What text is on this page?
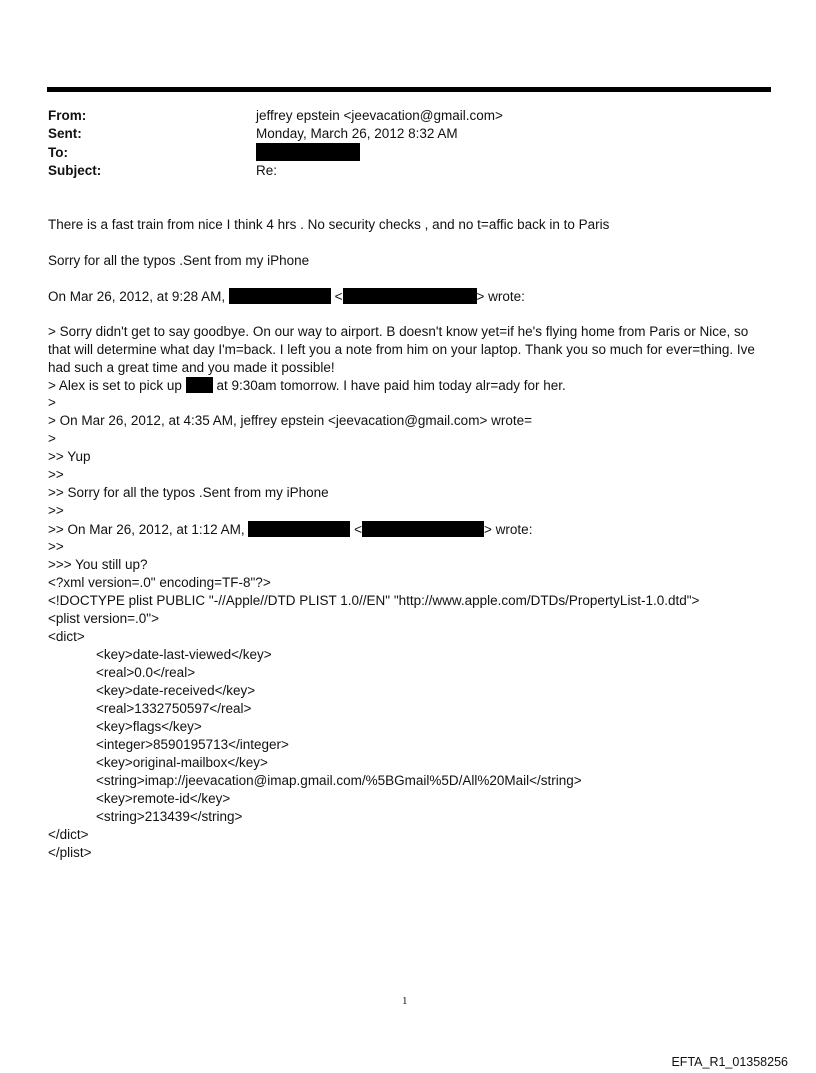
From:	jeffrey epstein <jeevacation@gmail.com>
Sent:	Monday, March 26, 2012 8:32 AM
To:
Subject:	Re:
There is a fast train from nice I think 4 hrs . No security checks , and no t=affic back in to Paris
Sorry for all the typos .Sent from my iPhone
On Mar 26, 2012, at 9:28 AM,	<	> wrote:
> Sorry didn't get to say goodbye. On our way to airport. B doesn't know yet=if he's flying home from Paris or Nice, so that will determine what day I'm=back. I left you a note from him on your laptop. Thank you so much for ever=thing. Ive had such a great time and you made it possible!
> Alex is set to pick up	at 9:30am tomorrow. I have paid him today alr=ady for her.
>
> On Mar 26, 2012, at 4:35 AM, jeffrey epstein <jeevacation@gmail.com> wrote=
>
>> Yup
>>
>> Sorry for all the typos .Sent from my iPhone
>>
>> On Mar 26, 2012, at 1:12 AM,	<	> wrote:
>>
>>> You still up?
<?xml version=.0" encoding=TF-8"?>
<!DOCTYPE plist PUBLIC "-//Apple//DTD PLIST 1.0//EN" "http://www.apple.com/DTDs/PropertyList-1.0.dtd">
<plist version=.0">
<dict>
<key>date-last-viewed</key>
<real>0.0</real>
<key>date-received</key>
<real>1332750597</real>
<key>flags</key>
<integer>8590195713</integer>
<key>original-mailbox</key>
<string>imap://jeevacation@imap.gmail.com/%5BGmail%5D/All%20Mail</string>
<key>remote-id</key>
<string>213439</string>
</dict>
</plist>
1
EFTA_R1_01358256
